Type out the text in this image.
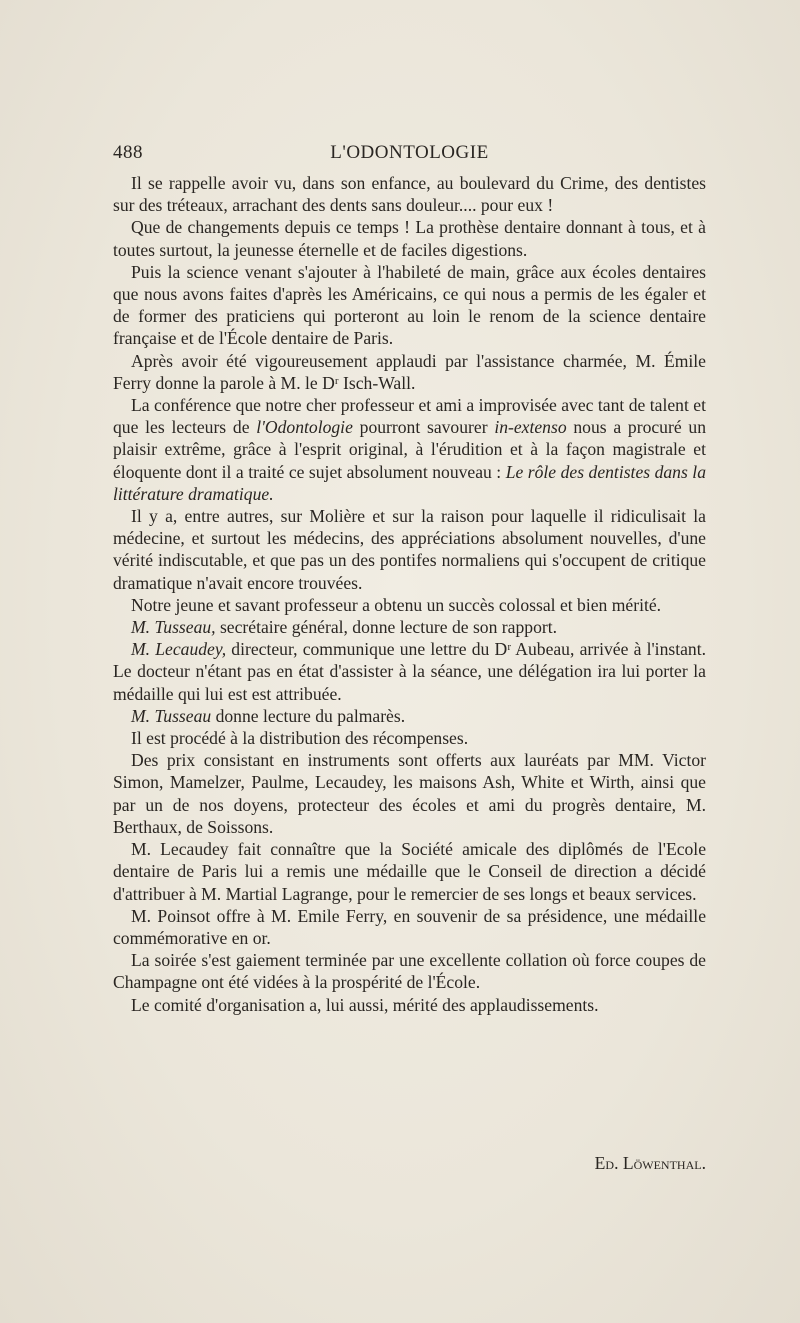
488	L'ODONTOLOGIE

Il se rappelle avoir vu, dans son enfance, au boulevard du Crime, des dentistes sur des tréteaux, arrachant des dents sans douleur.... pour eux !

Que de changements depuis ce temps ! La prothèse dentaire donnant à tous, et à toutes surtout, la jeunesse éternelle et de faciles digestions.

Puis la science venant s'ajouter à l'habileté de main, grâce aux écoles dentaires que nous avons faites d'après les Américains, ce qui nous a permis de les égaler et de former des praticiens qui porteront au loin le renom de la science dentaire française et de l'École dentaire de Paris.

Après avoir été vigoureusement applaudi par l'assistance charmée, M. Émile Ferry donne la parole à M. le Dʳ Isch-Wall.

La conférence que notre cher professeur et ami a improvisée avec tant de talent et que les lecteurs de l'Odontologie pourront savourer in-extenso nous a procuré un plaisir extrême, grâce à l'esprit original, à l'érudition et à la façon magistrale et éloquente dont il a traité ce sujet absolument nouveau : Le rôle des dentistes dans la littérature dramatique.

Il y a, entre autres, sur Molière et sur la raison pour laquelle il ridiculisait la médecine, et surtout les médecins, des appréciations absolument nouvelles, d'une vérité indiscutable, et que pas un des pontifes normaliens qui s'occupent de critique dramatique n'avait encore trouvées.

Notre jeune et savant professeur a obtenu un succès colossal et bien mérité.

M. Tusseau, secrétaire général, donne lecture de son rapport.

M. Lecaudey, directeur, communique une lettre du Dʳ Aubeau, arrivée à l'instant. Le docteur n'étant pas en état d'assister à la séance, une délégation ira lui porter la médaille qui lui est est attribuée.

M. Tusseau donne lecture du palmarès.

Il est procédé à la distribution des récompenses.

Des prix consistant en instruments sont offerts aux lauréats par MM. Victor Simon, Mamelzer, Paulme, Lecaudey, les maisons Ash, White et Wirth, ainsi que par un de nos doyens, protecteur des écoles et ami du progrès dentaire, M. Berthaux, de Soissons.

M. Lecaudey fait connaître que la Société amicale des diplômés de l'Ecole dentaire de Paris lui a remis une médaille que le Conseil de direction a décidé d'attribuer à M. Martial Lagrange, pour le remercier de ses longs et beaux services.

M. Poinsot offre à M. Emile Ferry, en souvenir de sa présidence, une médaille commémorative en or.

La soirée s'est gaiement terminée par une excellente collation où force coupes de Champagne ont été vidées à la prospérité de l'École.

Le comité d'organisation a, lui aussi, mérité des applaudissements.

Ed. Löwenthal.
